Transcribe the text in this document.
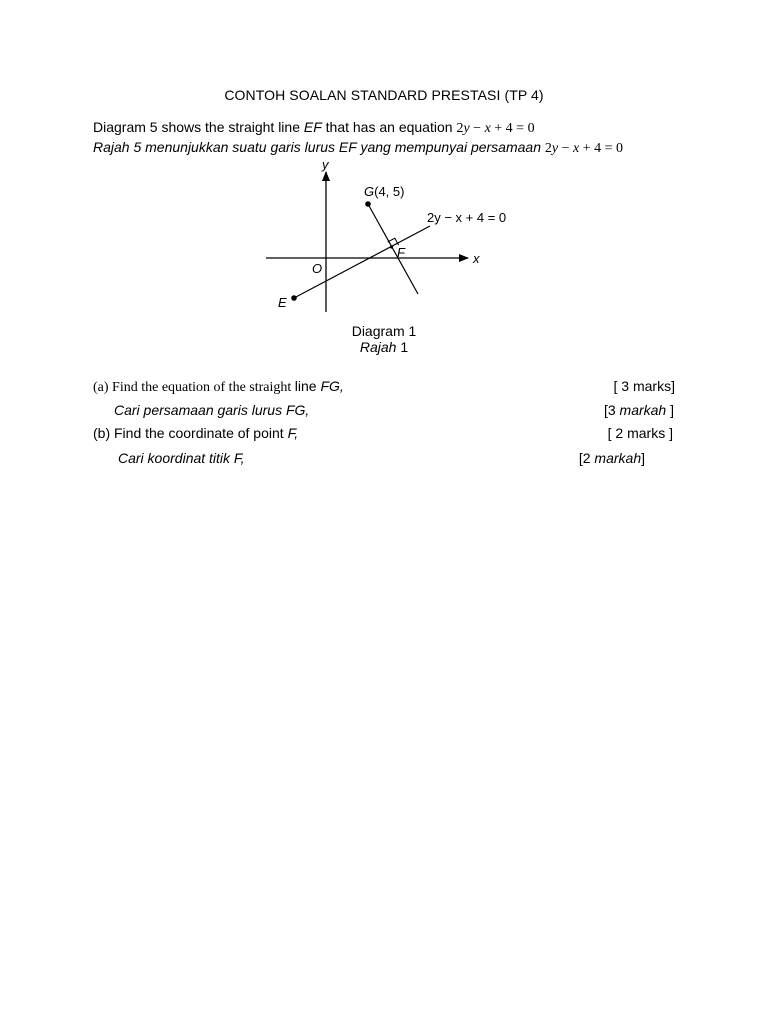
CONTOH SOALAN STANDARD PRESTASI (TP 4)
Diagram 5 shows the straight line EF that has an equation 2y − x + 4 = 0
Rajah 5 menunjukkan suatu garis lurus EF yang mempunyai persamaan 2y − x + 4 = 0
y
x
O
G(4, 5)
F
E
2y − x + 4 = 0
Diagram 1
Rajah 1
(a) Find the equation of the straight line FG,	[ 3 marks]
Cari persamaan garis lurus FG,	[3 markah ]
(b) Find the coordinate of point F,	[ 2 marks ]
Cari koordinat titik F,	[2 markah]
